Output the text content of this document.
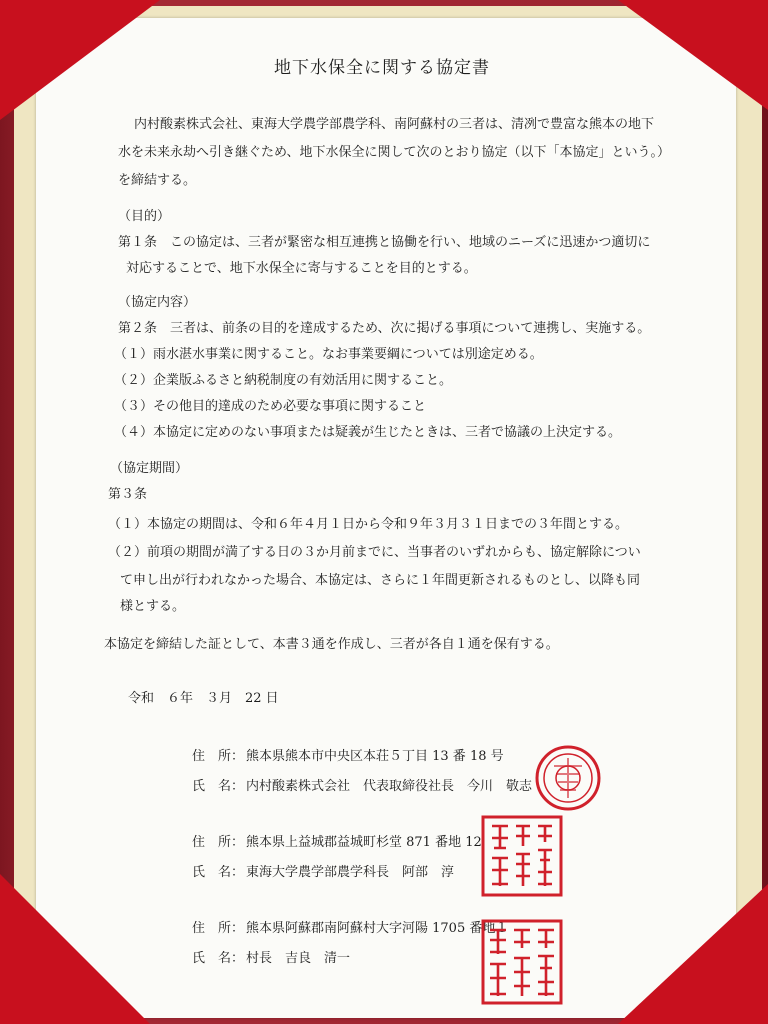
地下水保全に関する協定書
内村酸素株式会社、東海大学農学部農学科、南阿蘇村の三者は、清冽で豊富な熊本の地下
水を未来永劫へ引き継ぐため、地下水保全に関して次のとおり協定（以下「本協定」という。）
を締結する。
（目的）
第１条　この協定は、三者が緊密な相互連携と協働を行い、地域のニーズに迅速かつ適切に
対応することで、地下水保全に寄与することを目的とする。
（協定内容）
第２条　三者は、前条の目的を達成するため、次に掲げる事項について連携し、実施する。
（１）雨水湛水事業に関すること。なお事業要綱については別途定める。
（２）企業版ふるさと納税制度の有効活用に関すること。
（３）その他目的達成のため必要な事項に関すること
（４）本協定に定めのない事項または疑義が生じたときは、三者で協議の上決定する。
（協定期間）
第３条
（１）本協定の期間は、令和６年４月１日から令和９年３月３１日までの３年間とする。
（２）前項の期間が満了する日の３か月前までに、当事者のいずれからも、協定解除につい
て申し出が行われなかった場合、本協定は、さらに１年間更新されるものとし、以降も同
様とする。
本協定を締結した証として、本書３通を作成し、三者が各自１通を保有する。
令和　６年　３月　22 日
住　所： 熊本県熊本市中央区本荘５丁目 13 番 18 号
氏　名： 内村酸素株式会社　代表取締役社長　今川　敬志
住　所： 熊本県上益城郡益城町杉堂 871 番地 12
氏　名： 東海大学農学部農学科長　阿部　淳
住　所： 熊本県阿蘇郡南阿蘇村大字河陽 1705 番地１
氏　名： 村長　吉良　清一
